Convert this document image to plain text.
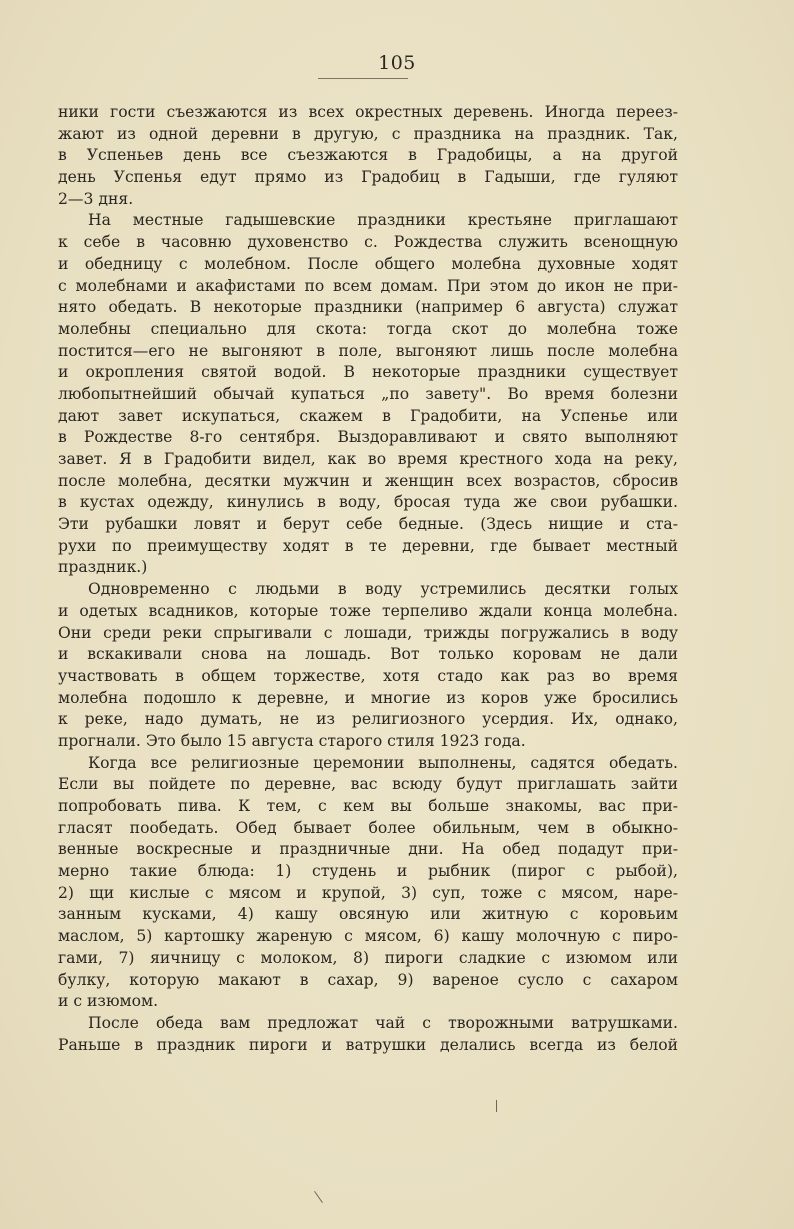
105
ники гости съезжаются из всех окрестных деревень. Иногда переез-
жают из одной деревни в другую, с праздника на праздник. Так,
в Успеньев день все съезжаются в Градобицы, а на другой
день Успенья едут прямо из Градобиц в Гадыши, где гуляют
2—3 дня.
На местные гадышевские праздники крестьяне приглашают
к себе в часовню духовенство с. Рождества служить всенощную
и обедницу с молебном. После общего молебна духовные ходят
с молебнами и акафистами по всем домам. При этом до икон не при-
нято обедать. В некоторые праздники (например 6 августа) служат
молебны специально для скота: тогда скот до молебна тоже
постится—его не выгоняют в поле, выгоняют лишь после молебна
и окропления святой водой. В некоторые праздники существует
любопытнейший обычай купаться „по завету". Во время болезни
дают завет искупаться, скажем в Градобити, на Успенье или
в Рождестве 8-го сентября. Выздоравливают и свято выполняют
завет. Я в Градобити видел, как во время крестного хода на реку,
после молебна, десятки мужчин и женщин всех возрастов, сбросив
в кустах одежду, кинулись в воду, бросая туда же свои рубашки.
Эти рубашки ловят и берут себе бедные. (Здесь нищие и ста-
рухи по преимуществу ходят в те деревни, где бывает местный
праздник.)
Одновременно с людьми в воду устремились десятки голых
и одетых всадников, которые тоже терпеливо ждали конца молебна.
Они среди реки спрыгивали с лошади, трижды погружались в воду
и вскакивали снова на лошадь. Вот только коровам не дали
участвовать в общем торжестве, хотя стадо как раз во время
молебна подошло к деревне, и многие из коров уже бросились
к реке, надо думать, не из религиозного усердия. Их, однако,
прогнали. Это было 15 августа старого стиля 1923 года.
Когда все религиозные церемонии выполнены, садятся обедать.
Если вы пойдете по деревне, вас всюду будут приглашать зайти
попробовать пива. К тем, с кем вы больше знакомы, вас при-
гласят пообедать. Обед бывает более обильным, чем в обыкно-
венные воскресные и праздничные дни. На обед подадут при-
мерно такие блюда: 1) студень и рыбник (пирог с рыбой),
2) щи кислые с мясом и крупой, 3) суп, тоже с мясом, наре-
занным кусками, 4) кашу овсяную или житную с коровьим
маслом, 5) картошку жареную с мясом, 6) кашу молочную с пиро-
гами, 7) яичницу с молоком, 8) пироги сладкие с изюмом или
булку, которую макают в сахар, 9) вареное сусло с сахаром
и с изюмом.
После обеда вам предложат чай с творожными ватрушками.
Раньше в праздник пироги и ватрушки делались всегда из белой
